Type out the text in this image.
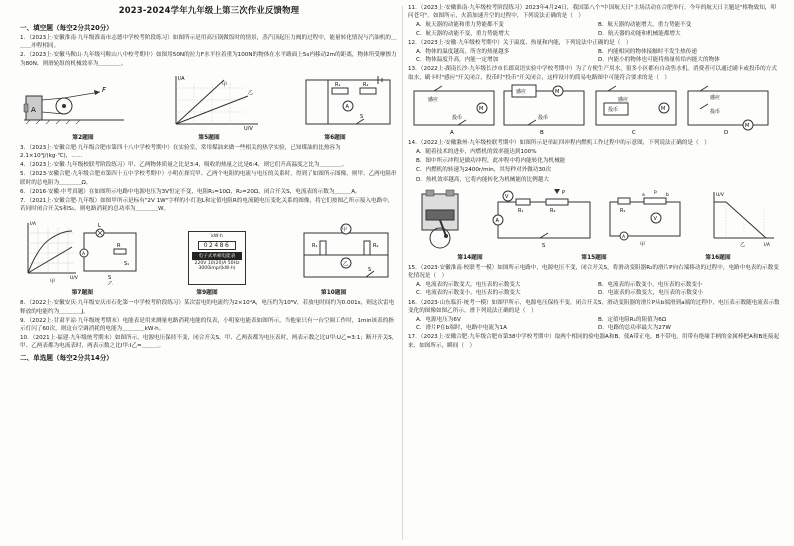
2023-2024学年九年级上第三次作业反馈物理
一、填空题（每空2分共20分）
1．（2023上·安徽淮南·九年级淮南市志德中学校考阶段练习）如图所示是用高压锅做饭时的情景，蒸汽顶起压力阀的过程中，能量转化情况与汽油机的＿＿＿冲程相同。
2．（2023上·安徽马鞍山·九年级马鞍山八中校考期中）如图用50N的拉力F水平拉着重为100N的物体在水平路面上5s内移动2m的距离，物体所受摩擦力为80N，则滑轮组的机械效率为＿＿＿＿。
A
F
甲
乙
U/V
I/A
R₁	R₂
A
S
第2题图	第5题图	第6题图
3．（2023上·安徽合肥·九年级合肥市第四十八中学校考期中）在实验室，常用煤油来做一些相关的热学实验，已知煤油的比热容为2.1×10³J/(kg·℃)，……
4．（2023上·安徽·九年级校联考阶段练习）甲、乙两物体质量之比是3:4，吸收的热量之比是6:4，则它们升高温度之比为＿＿＿＿。
5．（2023·安徽合肥·九年级合肥市第四十五中学校考期中）小明在探究甲、乙两个电阻的电流与电压的关系时，得到了如图所示图像，则甲、乙两电阻串联时的总电阻为＿＿＿＿Ω。
6．（2016·安徽·中考真题）在如图所示电路中电源电压为3V恒定不变，电阻R₁=10Ω，R₂=20Ω，闭合开关S，电流表的示数为＿＿＿A。
7．（2021上·安徽合肥·九年级）如图甲所示是标有"2V 1W"字样的小灯泡L和定值电阻R的电流随电压变化关系的图像，将它们按图乙所示接入电路中，若同时闭合开关S和S₁，则电路消耗的总功率为＿＿＿＿W。
甲
U/V
I/A	L
R
A
S
S₁
乙
kW·h
02486
电子式单相电能表
220V 10(20)A 50Hz
3000imp/(kW·h)
甲
R₁	R₂
乙
S
第7题图	第9题图	第10题图
8．（2022上·安徽安庆·九年级安庆市石化第一中学校考阶段练习）某次雷电的电流约为2×10⁴A，电压约为10⁸V，若放电时间约为0.001s，则这次雷电释放的电能约为＿＿＿＿J。
9．（2022上·甘肃平凉·九年级统考期末）电能表是用来测量电路消耗电能的仪表，小明家电能表如图所示，当他家只有一台空调工作时，1min该表的指示灯闪了60次，则这台空调消耗的电能为＿＿＿＿kW·h。
10．（2021上·福建·九年级统考期末）如图所示，电源电压保持不变，闭合开关S，甲、乙两表都为电压表时，两表示数之比U甲:U乙=3:1；断开开关S，甲、乙两表都为电流表时，两表示数之比I甲:I乙=＿＿＿。
二、单选题（每空2分共14分）
11．（2023上·安徽淮南·九年级校考阶段练习）2023年4月24日，我国第八个"中国航天日"主场活动在合肥举行。今年的航天日主题是"格物致知，叩问苍穹"。如图所示，火箭加速升空的过程中，下列说法正确的是（　）
A．航天器的动能和重力势能都不变	B．航天器的动能增大，重力势能不变
C．航天器的动能不变，重力势能增大	D．航天器的动能和机械能都增大
12．（2023上·安徽·九年级校考期中）关于温度、热量和内能，下列说法中正确的是（　）
A．物体的温度越高，所含的热量越多	B．内能相同的物体接触时不发生热传递
C．物体温度升高，内能一定增加	D．内能小的物体也可能将热量传给内能大的物体
13．（2022上·湖南长沙·九年级长沙市长郡双语实验中学校考期中）为了方便生产用水，很多小区都有自动售水机。消费者可以通过刷卡或投币的方式取水，刷卡时"感应"开关闭合，投币时"投币"开关闭合，这样设计的简易电路图中可能符合要求的是（　）
感应
投币
M
A
感应	M
投币
B
感应
投币	M
C
感应
投币
M
D
14．（2022上·安徽滁州·九年级校联考期中）如图所示是单缸四冲程内燃机工作过程中的示意图，下列说法正确的是（　）
A．随着技术的进步，内燃机的效率能达到100%
B．图中所示冲程是做功冲程，此冲程中将内能转化为机械能
C．内燃机的转速为2400r/min，其每秒对外做功30次
D．热机效率越高，它将内能转化为机械能的比例越大
V
R₁
P
R₂
A
S
R₁
a	b
P
V
A
甲
U/V
I/A
乙
第14题图	第15题图	第16题图
15．（2023·安徽淮南·校联考一模）如图所示电路中，电源电压不变，闭合开关S，将滑动变阻器R₂的滑片P向右端移动的过程中，电路中电表的示数变化情况是（　）
A．电流表的示数变大，电压表的示数变大	B．电流表的示数变小，电压表的示数变小
C．电流表的示数变小，电压表的示数变大	D．电流表的示数变大，电压表的示数变小
16．（2023·山东临沂·统考一模）如图甲所示，电源电压保持不变，闭合开关S，滑动变阻器的滑片P从b端滑到a端的过程中，电压表示数随电流表示数变化的图像如图乙所示，滑下列说法正确的是（　）
A．电源电压为6V	B．定值电阻R₁的阻值为6Ω
C．滑片P在b端时，电路中电流为1A	D．电路的总功率最大为27W
17．（2023上·安徽合肥·九年级合肥市第38中学校考期中）取两个相同的验电器A和B，使A带正电，B不带电，用带有绝缘手柄的金属棒把A和B连接起来，如图所示，瞬间（　）
